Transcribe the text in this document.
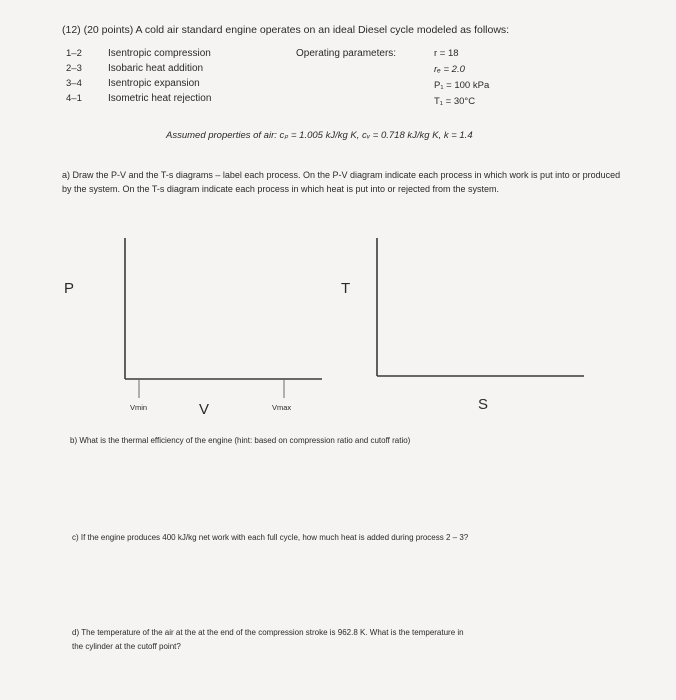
(12) (20 points) A cold air standard engine operates on an ideal Diesel cycle modeled as follows:
1–2	Isentropic compression
2–3	Isobaric heat addition
3–4	Isentropic expansion
4–1	Isometric heat rejection
Operating parameters:	r = 18
rₑ = 2.0
P₁ = 100 kPa
T₁ = 30°C
Assumed properties of air: cₚ = 1.005 kJ/kg K, cᵥ = 0.718 kJ/kg K, k = 1.4
a) Draw the P-V and the T-s diagrams – label each process. On the P-V diagram indicate each process in which work is put into or produced by the system. On the T-s diagram indicate each process in which heat is put into or rejected from the system.
P	T
Vmin	V	Vmax	S
b) What is the thermal efficiency of the engine (hint: based on compression ratio and cutoff ratio)
c) If the engine produces 400 kJ/kg net work with each full cycle, how much heat is added during process 2 – 3?
d) The temperature of the air at the at the end of the compression stroke is 962.8 K. What is the temperature in
the cylinder at the cutoff point?
